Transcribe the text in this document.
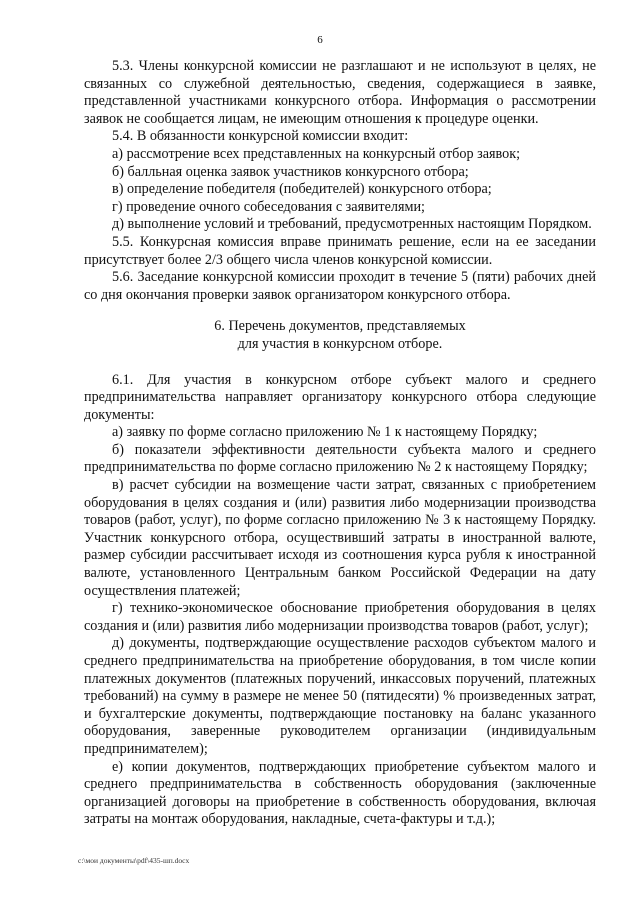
6

5.3. Члены конкурсной комиссии не разглашают и не используют в целях, не связанных со служебной деятельностью, сведения, содержащиеся в заявке, представленной участниками конкурсного отбора. Информация о рассмотрении заявок не сообщается лицам, не имеющим отношения к процедуре оценки.

5.4. В обязанности конкурсной комиссии входит:

а) рассмотрение всех представленных на конкурсный отбор заявок;

б) балльная оценка заявок участников конкурсного отбора;

в) определение победителя (победителей) конкурсного отбора;

г) проведение очного собеседования с заявителями;

д) выполнение условий и требований, предусмотренных настоящим Порядком.

5.5. Конкурсная комиссия вправе принимать решение, если на ее заседании присутствует более 2/3 общего числа членов конкурсной комиссии.

5.6. Заседание конкурсной комиссии проходит в течение 5 (пяти) рабочих дней со дня окончания проверки заявок организатором конкурсного отбора.

6. Перечень документов, представляемых
для участия в конкурсном отборе.

6.1. Для участия в конкурсном отборе субъект малого и среднего предпринимательства направляет организатору конкурсного отбора следующие документы:

а) заявку по форме согласно приложению № 1 к настоящему Порядку;

б) показатели эффективности деятельности субъекта малого и среднего предпринимательства по форме согласно приложению № 2 к настоящему Порядку;

в) расчет субсидии на возмещение части затрат, связанных с приобретением оборудования в целях создания и (или) развития либо модернизации производства товаров (работ, услуг), по форме согласно приложению № 3 к настоящему Порядку. Участник конкурсного отбора, осуществивший затраты в иностранной валюте, размер субсидии рассчитывает исходя из соотношения курса рубля к иностранной валюте, установленного Центральным банком Российской Федерации на дату осуществления платежей;

г) технико-экономическое обоснование приобретения оборудования в целях создания и (или) развития либо модернизации производства товаров (работ, услуг);

д) документы, подтверждающие осуществление расходов субъектом малого и среднего предпринимательства на приобретение оборудования, в том числе копии платежных документов (платежных поручений, инкассовых поручений, платежных требований) на сумму в размере не менее 50 (пятидесяти) % произведенных затрат, и бухгалтерские документы, подтверждающие постановку на баланс указанного оборудования, заверенные руководителем организации (индивидуальным предпринимателем);

е) копии документов, подтверждающих приобретение субъектом малого и среднего предпринимательства в собственность оборудования (заключенные организацией договоры на приобретение в собственность оборудования, включая затраты на монтаж оборудования, накладные, счета-фактуры и т.д.);

c:\мои документы\pdf\435-шп.docx
